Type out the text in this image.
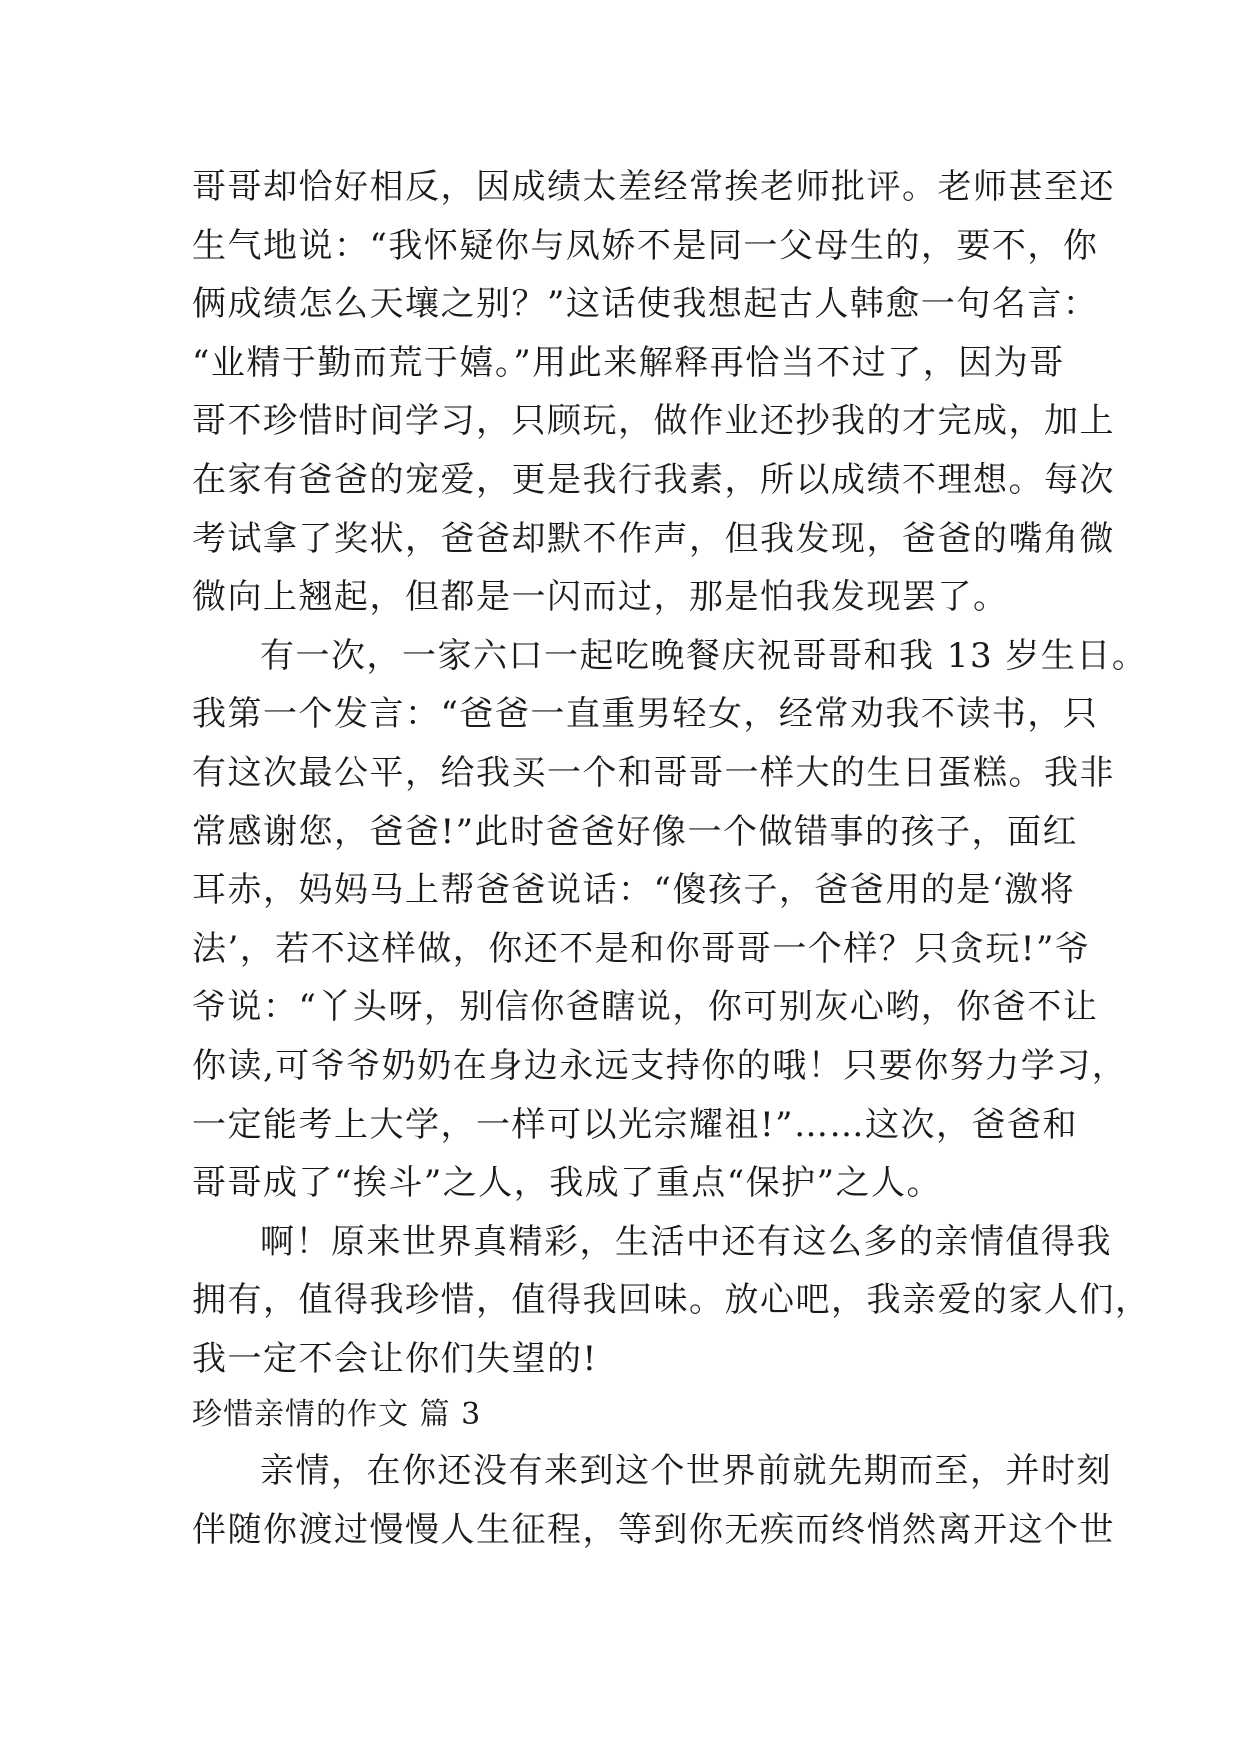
哥哥却恰好相反，因成绩太差经常挨老师批评。老师甚至还
生气地说：“我怀疑你与凤娇不是同一父母生的，要不，你
俩成绩怎么天壤之别？”这话使我想起古人韩愈一句名言：
“业精于勤而荒于嬉。”用此来解释再恰当不过了，因为哥
哥不珍惜时间学习，只顾玩，做作业还抄我的才完成，加上
在家有爸爸的宠爱，更是我行我素，所以成绩不理想。每次
考试拿了奖状，爸爸却默不作声，但我发现，爸爸的嘴角微
微向上翘起，但都是一闪而过，那是怕我发现罢了。
有一次，一家六口一起吃晚餐庆祝哥哥和我 13 岁生日。
我第一个发言：“爸爸一直重男轻女，经常劝我不读书，只
有这次最公平，给我买一个和哥哥一样大的生日蛋糕。我非
常感谢您，爸爸!”此时爸爸好像一个做错事的孩子，面红
耳赤，妈妈马上帮爸爸说话：“傻孩子，爸爸用的是‘激将
法’，若不这样做，你还不是和你哥哥一个样？只贪玩!”爷
爷说：“丫头呀，别信你爸瞎说，你可别灰心哟，你爸不让
你读,可爷爷奶奶在身边永远支持你的哦！只要你努力学习，
一定能考上大学，一样可以光宗耀祖!”……这次，爸爸和
哥哥成了“挨斗”之人，我成了重点“保护”之人。
啊！原来世界真精彩，生活中还有这么多的亲情值得我
拥有，值得我珍惜，值得我回味。放心吧，我亲爱的家人们，
我一定不会让你们失望的!
珍惜亲情的作文 篇 3
亲情，在你还没有来到这个世界前就先期而至，并时刻
伴随你渡过慢慢人生征程，等到你无疾而终悄然离开这个世
